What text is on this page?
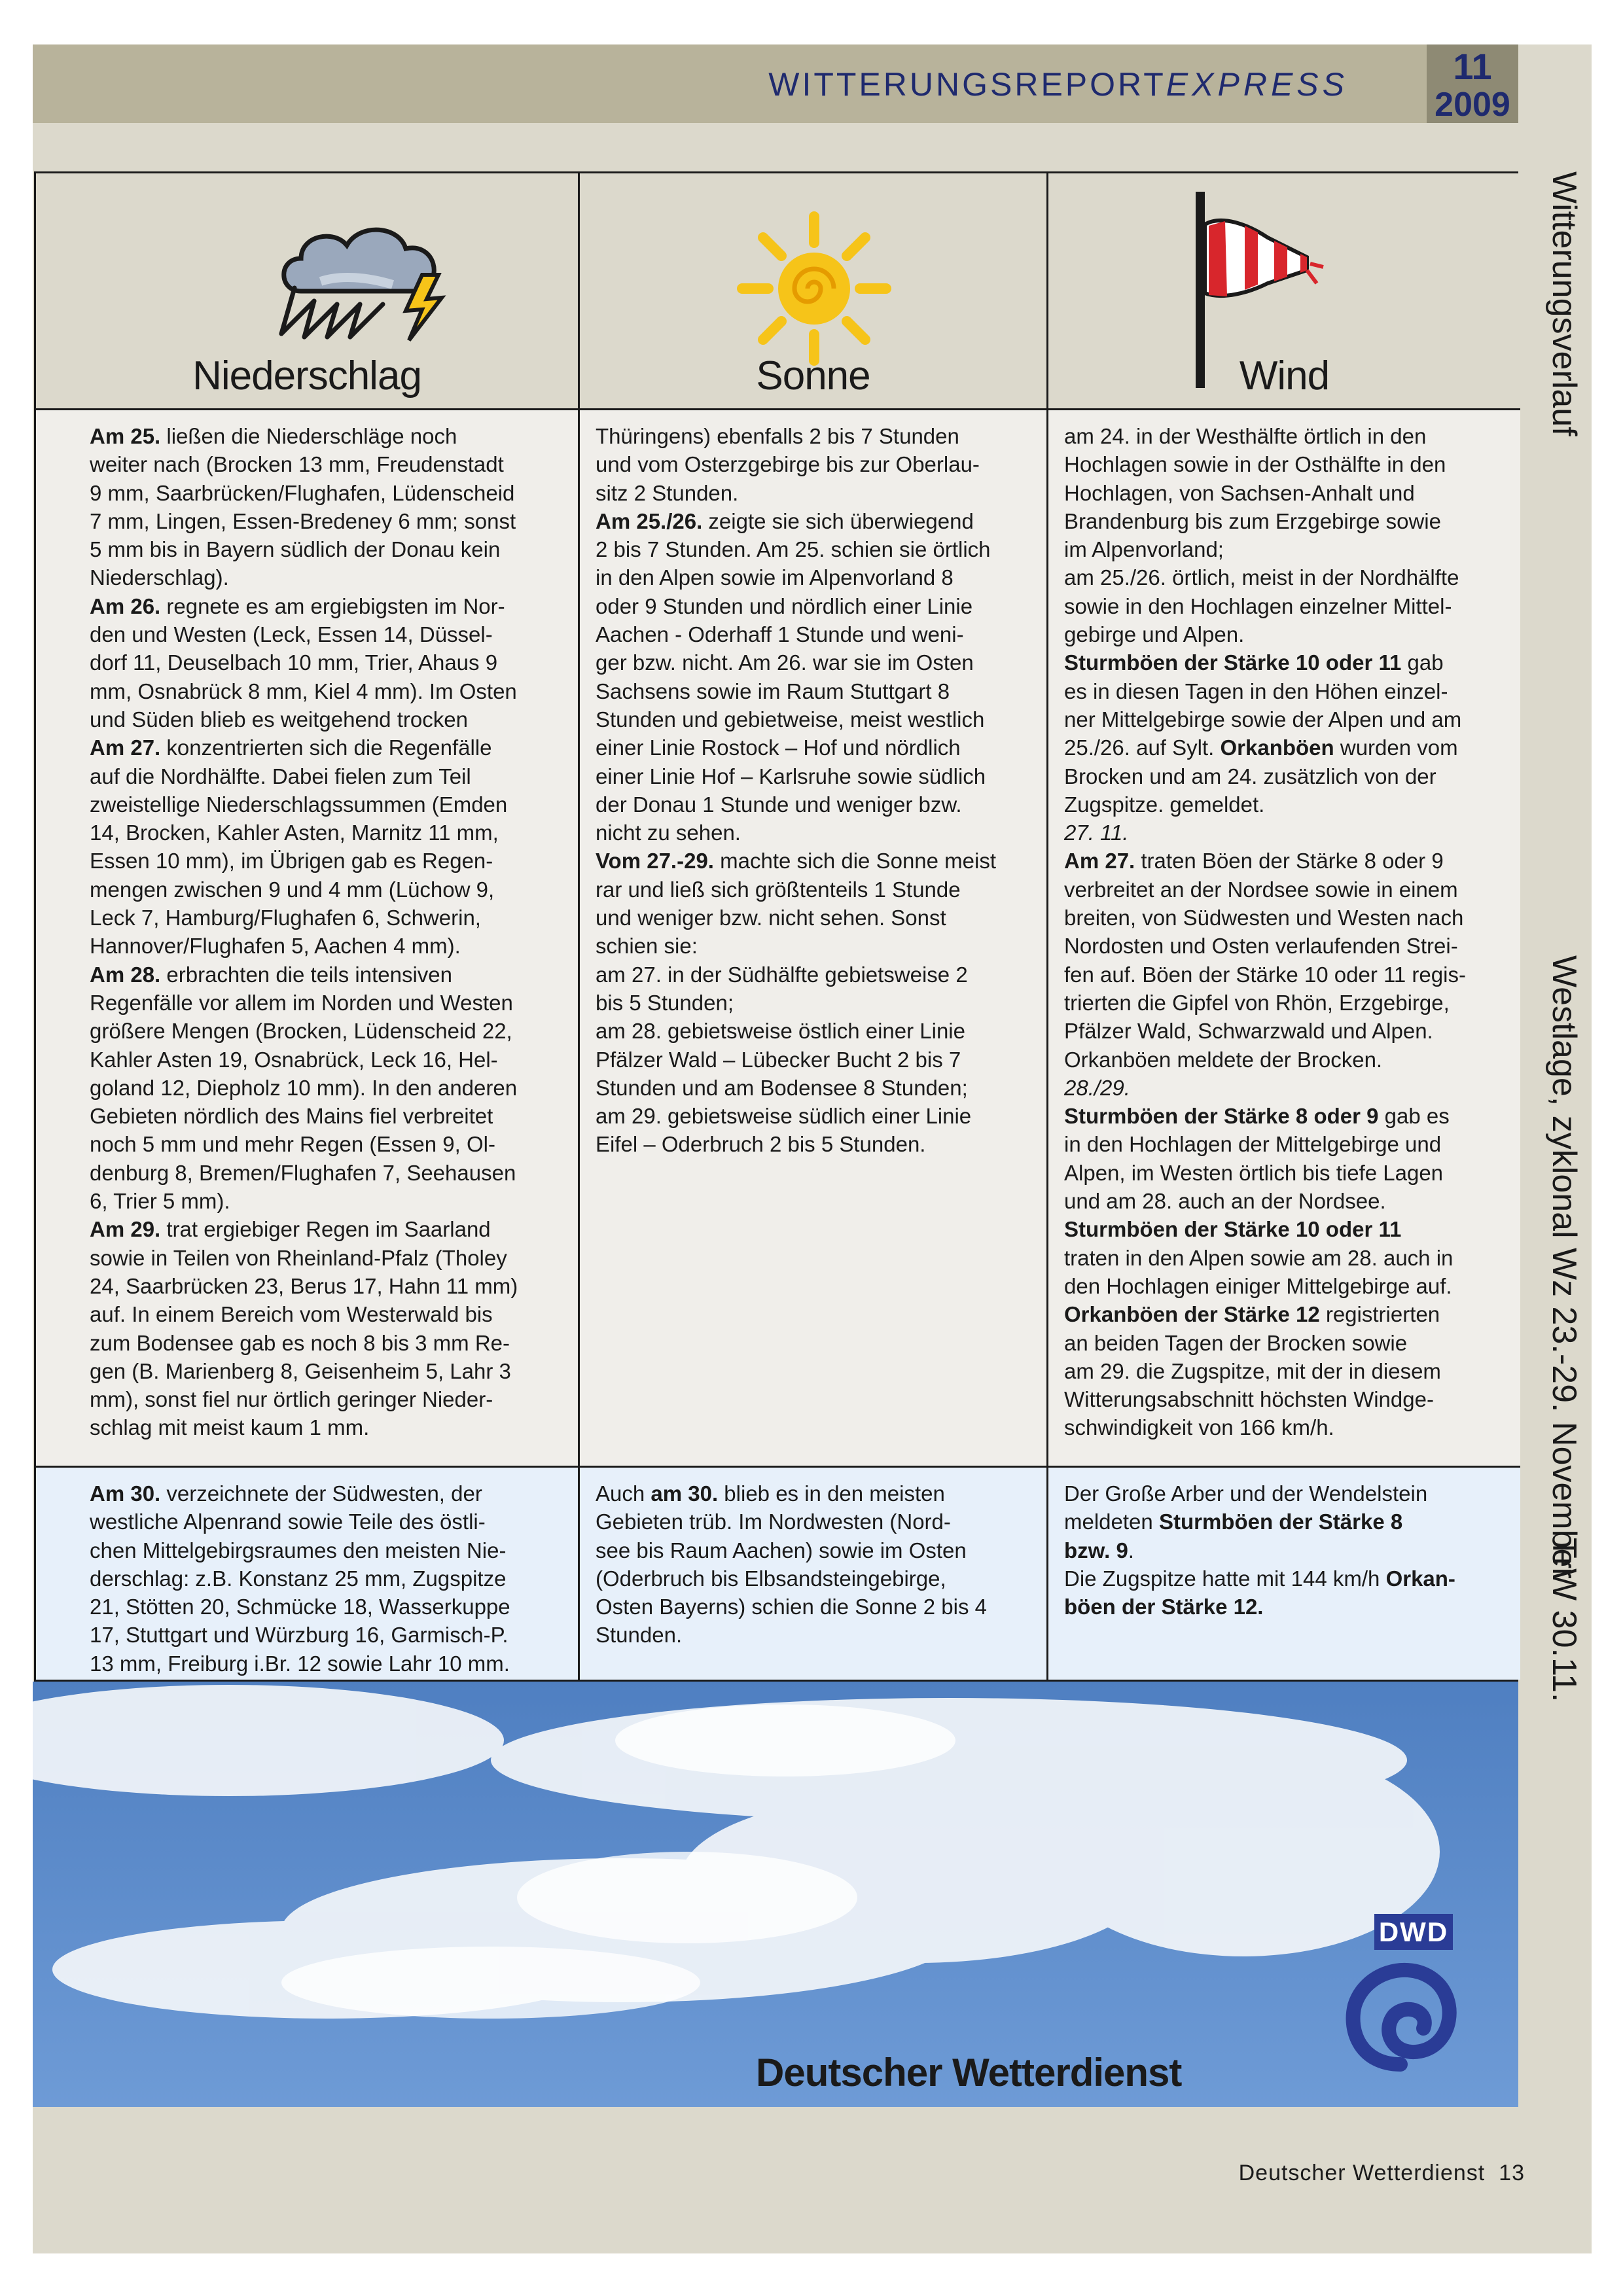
WITTERUNGSREPORTEXPRESS	11
2009
Niederschlag
Am 25. ließen die Niederschläge noch
weiter nach (Brocken 13 mm, Freudenstadt
9 mm, Saarbrücken/Flughafen, Lüdenscheid
7 mm, Lingen, Essen-Bredeney 6 mm; sonst
5 mm bis in Bayern südlich der Donau kein
Niederschlag).
Am 26. regnete es am ergiebigsten im Nor-
den und Westen (Leck, Essen 14, Düssel-
dorf 11, Deuselbach 10 mm, Trier, Ahaus 9
mm, Osnabrück 8 mm, Kiel 4 mm). Im Osten
und Süden blieb es weitgehend trocken
Am 27. konzentrierten sich die Regenfälle
auf die Nordhälfte. Dabei fielen zum Teil
zweistellige Niederschlagssummen (Emden
14, Brocken, Kahler Asten, Marnitz 11 mm,
Essen 10 mm), im Übrigen gab es Regen-
mengen zwischen 9 und 4 mm (Lüchow 9,
Leck 7, Hamburg/Flughafen 6, Schwerin,
Hannover/Flughafen 5, Aachen 4 mm).
Am 28. erbrachten die teils intensiven
Regenfälle vor allem im Norden und Westen
größere Mengen (Brocken, Lüdenscheid 22,
Kahler Asten 19, Osnabrück, Leck 16, Hel-
goland 12, Diepholz 10 mm). In den anderen
Gebieten nördlich des Mains fiel verbreitet
noch 5 mm und mehr Regen (Essen 9, Ol-
denburg 8, Bremen/Flughafen 7, Seehausen
6, Trier 5 mm).
Am 29. trat ergiebiger Regen im Saarland
sowie in Teilen von Rheinland-Pfalz (Tholey
24, Saarbrücken 23, Berus 17, Hahn 11 mm)
auf. In einem Bereich vom Westerwald bis
zum Bodensee gab es noch 8 bis 3 mm Re-
gen (B. Marienberg 8, Geisenheim 5, Lahr 3
mm), sonst fiel nur örtlich geringer Nieder-
schlag mit meist kaum 1 mm.
Am 30. verzeichnete der Südwesten, der
westliche Alpenrand sowie Teile des östli-
chen Mittelgebirgsraumes den meisten Nie-
derschlag: z.B. Konstanz 25 mm, Zugspitze
21, Stötten 20, Schmücke 18, Wasserkuppe
17, Stuttgart und Würzburg 16, Garmisch-P.
13 mm, Freiburg i.Br. 12 sowie Lahr 10 mm.
Sonne
Thüringens) ebenfalls 2 bis 7 Stunden
und vom Osterzgebirge bis zur Oberlau-
sitz 2 Stunden.
Am 25./26. zeigte sie sich überwiegend
2 bis 7 Stunden. Am 25. schien sie örtlich
in den Alpen sowie im Alpenvorland 8
oder 9 Stunden und nördlich einer Linie
Aachen - Oderhaff 1 Stunde und weni-
ger bzw. nicht. Am 26. war sie im Osten
Sachsens sowie im Raum Stuttgart 8
Stunden und gebietweise, meist westlich
einer Linie Rostock – Hof und nördlich
einer Linie Hof – Karlsruhe sowie südlich
der Donau 1 Stunde und weniger bzw.
nicht zu sehen.
Vom 27.-29. machte sich die Sonne meist
rar und ließ sich größtenteils 1 Stunde
und weniger bzw. nicht sehen. Sonst
schien sie:
am 27. in der Südhälfte gebietsweise 2
bis 5 Stunden;
am 28. gebietsweise östlich einer Linie
Pfälzer Wald – Lübecker Bucht 2 bis 7
Stunden und am Bodensee 8 Stunden;
am 29. gebietsweise südlich einer Linie
Eifel – Oderbruch 2 bis 5 Stunden.
Auch am 30. blieb es in den meisten
Gebieten trüb. Im Nordwesten (Nord-
see bis Raum Aachen) sowie im Osten
(Oderbruch bis Elbsandsteingebirge,
Osten Bayerns) schien die Sonne 2 bis 4
Stunden.
Wind
am 24. in der Westhälfte örtlich in den
Hochlagen sowie in der Osthälfte in den
Hochlagen, von Sachsen-Anhalt und
Brandenburg bis zum Erzgebirge sowie
im Alpenvorland;
am 25./26. örtlich, meist in der Nordhälfte
sowie in den Hochlagen einzelner Mittel-
gebirge und Alpen.
Sturmböen der Stärke 10 oder 11 gab
es in diesen Tagen in den Höhen einzel-
ner Mittelgebirge sowie der Alpen und am
25./26. auf Sylt. Orkanböen wurden vom
Brocken und am 24. zusätzlich von der
Zugspitze. gemeldet.
27. 11.
Am 27. traten Böen der Stärke 8 oder 9
verbreitet an der Nordsee sowie in einem
breiten, von Südwesten und Westen nach
Nordosten und Osten verlaufenden Strei-
fen auf. Böen der Stärke 10 oder 11 regis-
trierten die Gipfel von Rhön, Erzgebirge,
Pfälzer Wald, Schwarzwald und Alpen.
Orkanböen meldete der Brocken.
28./29.
Sturmböen der Stärke 8 oder 9 gab es
in den Hochlagen der Mittelgebirge und
Alpen, im Westen örtlich bis tiefe Lagen
und am 28. auch an der Nordsee.
Sturmböen der Stärke 10 oder 11
traten in den Alpen sowie am 28. auch in
den Hochlagen einiger Mittelgebirge auf.
Orkanböen der Stärke 12 registrierten
an beiden Tagen der Brocken sowie
am 29. die Zugspitze, mit der in diesem
Witterungsabschnitt höchsten Windge-
schwindigkeit von 166 km/h.
Der Große Arber und der Wendelstein
meldeten Sturmböen der Stärke 8
bzw. 9.
Die Zugspitze hatte mit 144 km/h Orkan-
böen der Stärke 12.
Witterungsverlauf
Westlage, zyklonal Wz 23.-29. November
TrW 30.11.
DWD
Deutscher Wetterdienst
Deutscher Wetterdienst 13
